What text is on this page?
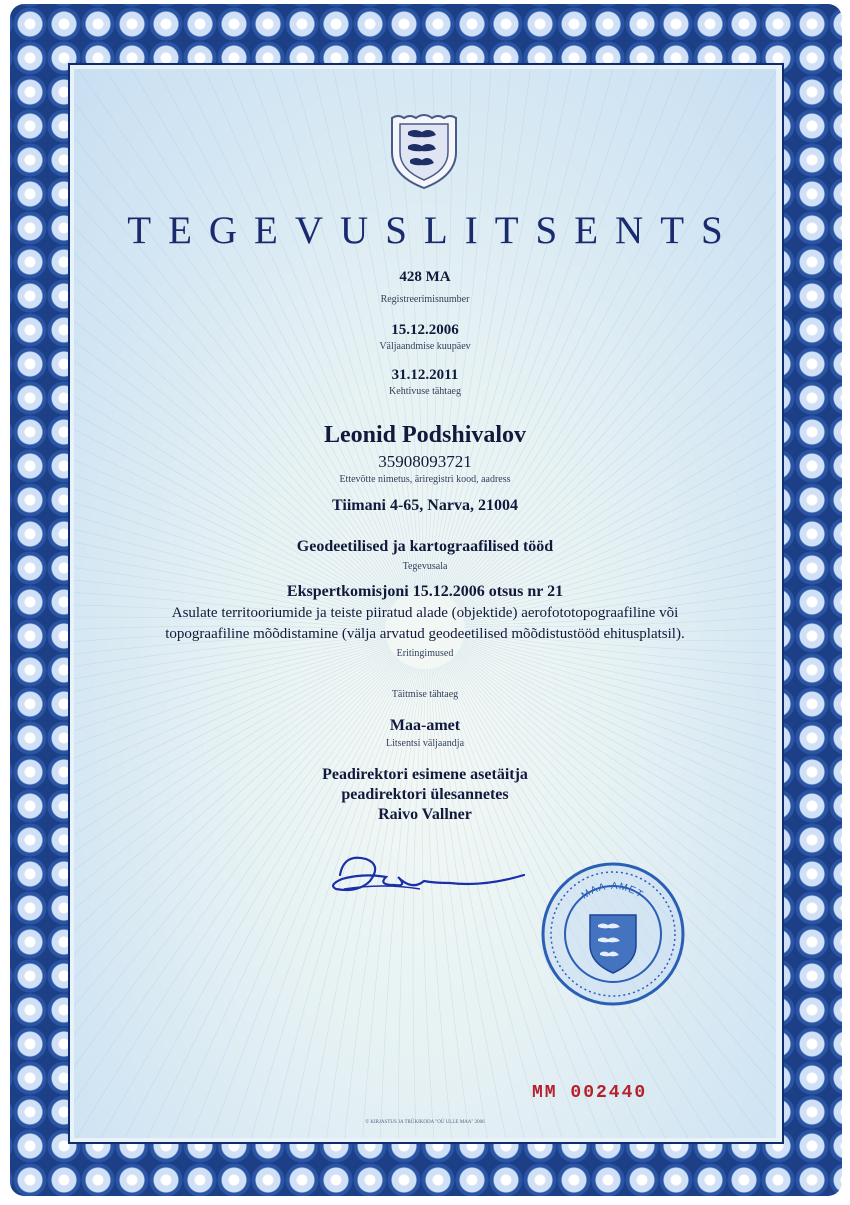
TEGEVUSLITSENTS
428 MA
Registreerimisnumber
15.12.2006
Väljaandmise kuupäev
31.12.2011
Kehtivuse tähtaeg
Leonid Podshivalov
35908093721
Ettevõtte nimetus, äriregistri kood, aadress
Tiimani 4-65, Narva, 21004
Geodeetilised ja kartograafilised tööd
Tegevusala
Ekspertkomisjoni 15.12.2006 otsus nr 21
Asulate territooriumide ja teiste piiratud alade (objektide) aerofototopograafiline või
topograafiline mõõdistamine (välja arvatud geodeetilised mõõdistustööd ehitusplatsil).
Eritingimused
Täitmise tähtaeg
Maa-amet
Litsentsi väljaandja
Peadirektori esimene asetäitja
peadirektori ülesannetes
Raivo Vallner
MAA-AMET
MM 002440
© KIRJASTUS JA TRÜKIKODA "OÜ ULLE MAA" 2006
